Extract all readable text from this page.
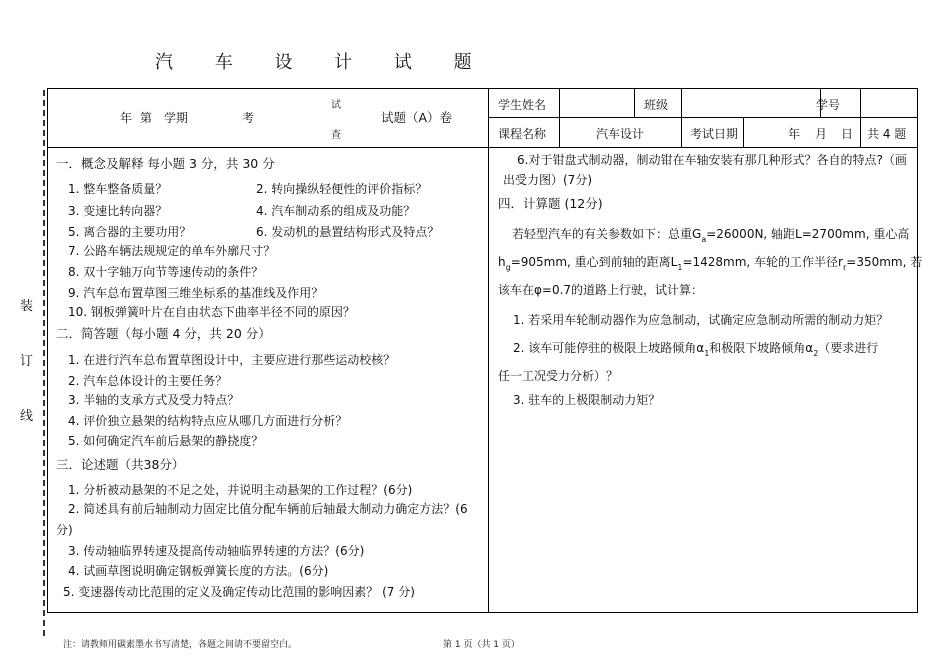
汽 车 设 计 试 题
装
订
线
年 第　学期	考
试
查
试题（A）卷
学生姓名	班级	学号
课程名称	汽车设计	考试日期	年 月 日 共 4 题
一．概念及解释 每小题 3 分，共 30 分
1. 整车整备质量？	2. 转向操纵轻便性的评价指标？
3. 变速比转向器？	4. 汽车制动系的组成及功能？
5. 离合器的主要功用？	6. 发动机的悬置结构形式及特点？
7. 公路车辆法规规定的单车外廓尺寸？
8. 双十字轴万向节等速传动的条件？
9. 汽车总布置草图三维坐标系的基准线及作用？
10. 钢板弹簧叶片在自由状态下曲率半径不同的原因？
二．简答题（每小题 4 分，共 20 分）
1. 在进行汽车总布置草图设计中，主要应进行那些运动校核？
2. 汽车总体设计的主要任务？
3. 半轴的支承方式及受力特点？
4. 评价独立悬架的结构特点应从哪几方面进行分析？
5. 如何确定汽车前后悬架的静挠度？
三．论述题（共38分）
1. 分析被动悬架的不足之处，并说明主动悬架的工作过程？(6分)
2. 简述具有前后轴制动力固定比值分配车辆前后轴最大制动力确定方法？(6分)
3. 传动轴临界转速及提高传动轴临界转速的方法？(6分)
4. 试画草图说明确定钢板弹簧长度的方法。(6分)
5. 变速器传动比范围的定义及确定传动比范围的影响因素？ (7 分)
6.对于钳盘式制动器，制动钳在车轴安装有那几种形式？各自的特点?（画出受力图）(7分)
四．计算题 (12分)
若轻型汽车的有关参数如下：总重$G_a=26000N$, 轴距L=2700mm, 重心高
$h_g=905mm$, 重心到前轴的距离$L_1=1428mm$, 车轮的工作半径$r_r=350mm$, 若
该车在φ=0.7的道路上行驶，试计算：
1. 若采用车轮制动器作为应急制动，试确定应急制动所需的制动力矩？
2. 该车可能停驻的极限上坡路倾角$\alpha_1$和极限下坡路倾角$\alpha_2$（要求进行
任一工况受力分析）？
3. 驻车的上极限制动力矩？
注：请教师用碳素墨水书写清楚，各题之间请不要留空白。	第 1 页（共 1 页）
